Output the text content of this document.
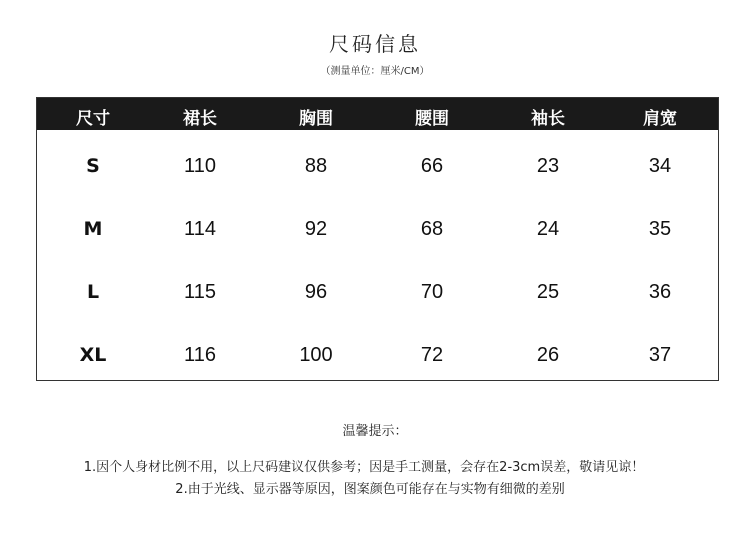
尺码信息
（测量单位：厘米/CM）
尺寸	裙长	胸围	腰围	袖长	肩宽
S	110	88	66	23	34
M	114	92	68	24	35
L	115	96	70	25	36
XL	116	100	72	26	37
温馨提示：
1.因个人身材比例不用，以上尺码建议仅供参考；因是手工测量，会存在2-3cm误差，敬请见谅！
2.由于光线、显示器等原因，图案颜色可能存在与实物有细微的差别
